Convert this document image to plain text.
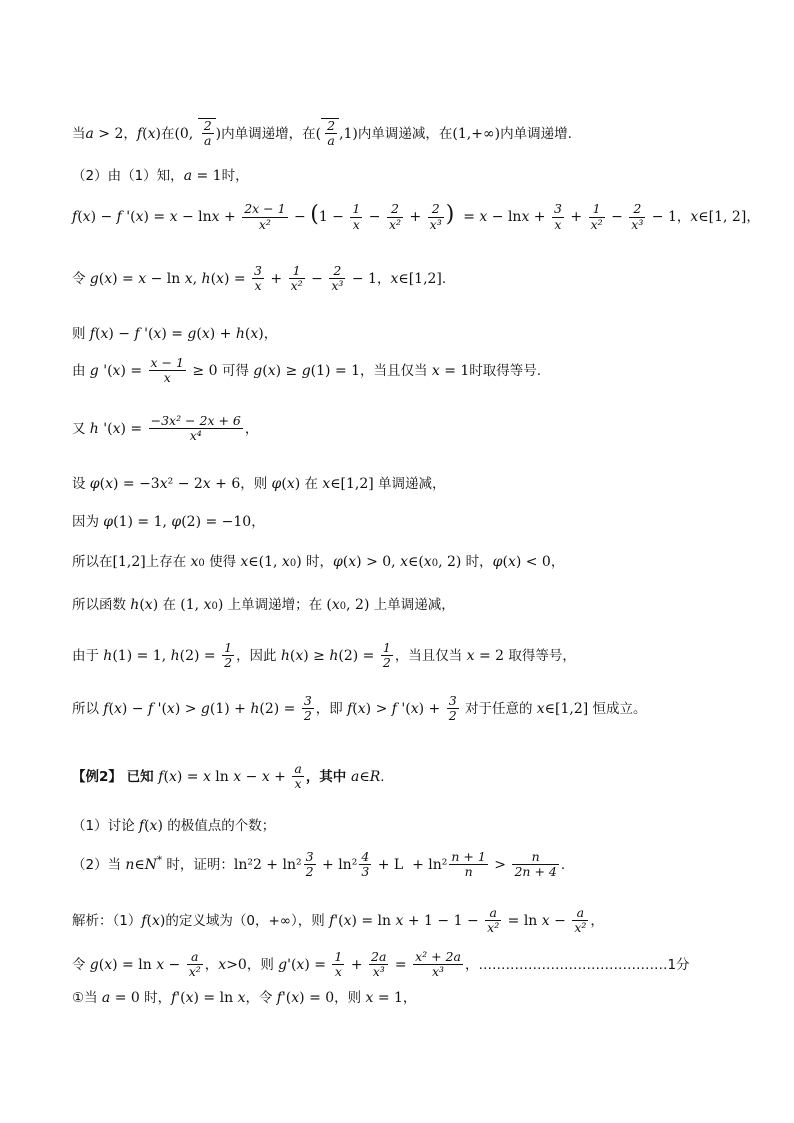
当a > 2，f(x)在(0, $\frac{2}{a}$ )内单调递增，在( $\frac{2}{a} ,1$)内单调递减，在(1,+∞)内单调递增.
（2）由（1）知，a = 1时，
f(x) − f '$(x) = x - \ln x + \frac{2x - 1}{\text{x²}} - (1 - \frac{1}{x} - \frac{2}{\text{x²}} + \frac{2}{\text{x³}}$ )  = $x - \ln x + \frac{3}{x} + \frac{1}{\text{x²}} - \frac{2}{\text{x³}} - 1$，x∈[1, 2]，
令 g(x) = x − ln x, $h(x) = \frac{3}{x} + \frac{1}{\text{x²}} - \frac{2}{\text{x³}} - 1$，x∈[1,2].
则 f(x) − f '(x) = g(x) + h(x)，
由 g '$(x) = \frac{x - 1}{x} \ge 0$ 可得 g(x) ≥ g(1) = 1，当且仅当 x = 1时取得等号.
又 h '$(x) = \frac{\text{−3x² − 2x + 6}}{\text{x⁴}}$ ，
设 φ(x) = −3x² − 2x + 6，则 φ(x) 在 x∈[1,2] 单调递减，
因为 φ(1) = 1, φ(2) = −10，
所以在[1,2]上存在 x0 使得 x∈(1, x0) 时，φ(x) > 0, x∈(x0, 2) 时，φ(x) < 0，
所以函数 h(x) 在 (1, x0) 上单调递增；在 (x0, 2) 上单调递减，
由于 h(1) = 1, $h(2) = \frac{1}{2}$ ，因此 $h(x) \ge h(2) = \frac{1}{2}$ ，当且仅当 x = 2 取得等号，
所以 f(x) − f '$(x) > g(1) + h(2) = \frac{3}{2}$ ，即 f(x) > f '$(x) + \frac{3}{2}$ 对于任意的 x∈[1,2] 恒成立。
【例2】 已知 f(x) = x $\ln x - x + \frac{a}{x}$ ，其中 a∈R.
（1）讨论 f(x) 的极值点的个数；
（2）当 n∈N* 时，证明：$\ln^22 + \ln^2 \frac{3}{2} + \ln^2 \frac{4}{3} + L + \ln^2 \frac{n + 1}{n} > \frac{n}{2n + 4}$ .
解析：（1）f(x)的定义域为（0，+∞），则 $f'(x) = \ln x + 1 - 1 - \frac{a}{\text{x²}} = \ln x - \frac{a}{\text{x²}}$ ，
令 $g(x) = \ln x - \frac{a}{\text{x²}}$ ，x>0，则 $g'(x) = \frac{1}{x} + \frac{2a}{\text{x³}} = \frac{\text{x² + 2a}}{\text{x³}}$ ，……………………………………1分
①当 a = 0 时，f'(x) = ln x，令 f'(x) = 0，则 x = 1，
